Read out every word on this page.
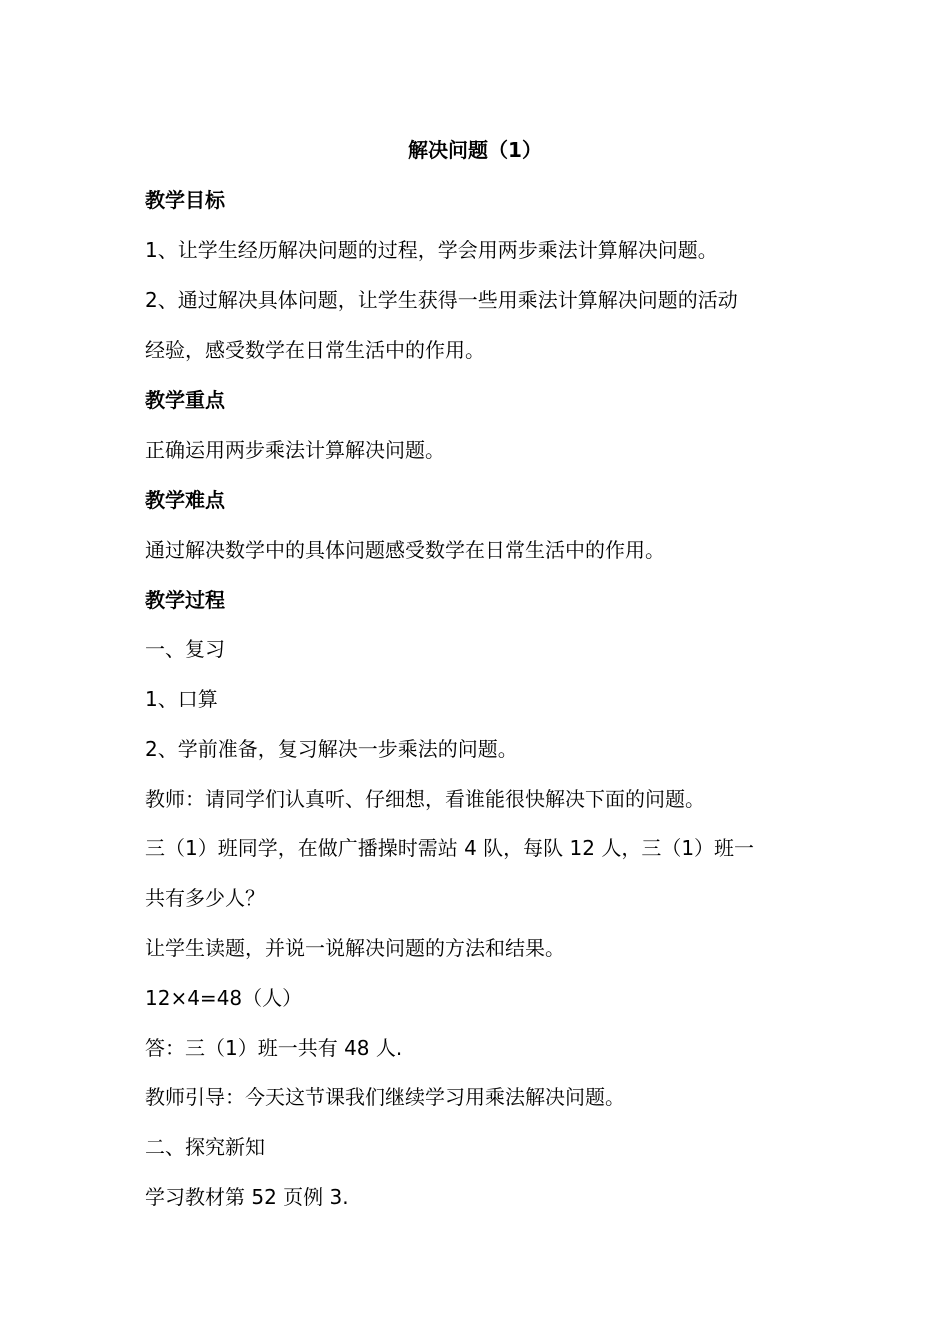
解决问题（1）
教学目标
1、让学生经历解决问题的过程，学会用两步乘法计算解决问题。
2、通过解决具体问题，让学生获得一些用乘法计算解决问题的活动
经验，感受数学在日常生活中的作用。
教学重点
正确运用两步乘法计算解决问题。
教学难点
通过解决数学中的具体问题感受数学在日常生活中的作用。
教学过程
一、复习
1、口算
2、学前准备，复习解决一步乘法的问题。
教师：请同学们认真听、仔细想，看谁能很快解决下面的问题。
三（1）班同学，在做广播操时需站 4 队，每队 12 人，三（1）班一
共有多少人？
让学生读题，并说一说解决问题的方法和结果。
12×4=48（人）
答：三（1）班一共有 48 人.
教师引导：今天这节课我们继续学习用乘法解决问题。
二、探究新知
学习教材第 52 页例 3.
